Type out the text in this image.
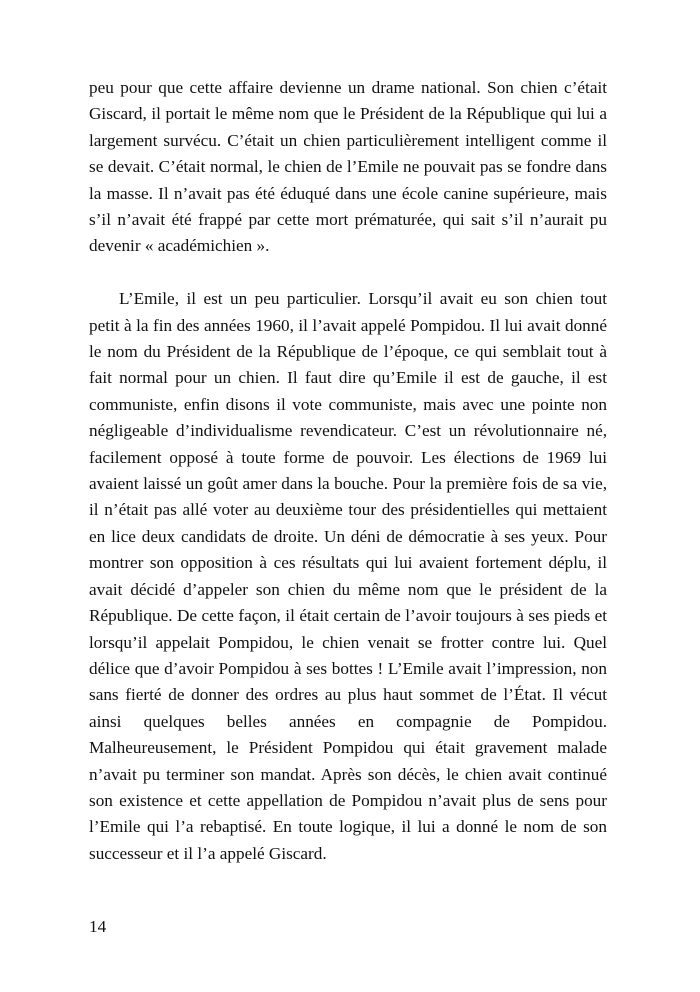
peu pour que cette affaire devienne un drame national. Son chien c’était Giscard, il portait le même nom que le Président de la République qui lui a largement survécu. C’était un chien particulièrement intelligent comme il se devait. C’était normal, le chien de l’Emile ne pouvait pas se fondre dans la masse. Il n’avait pas été éduqué dans une école canine supérieure, mais s’il n’avait été frappé par cette mort prématurée, qui sait s’il n’aurait pu devenir « académichien ».

L’Emile, il est un peu particulier. Lorsqu’il avait eu son chien tout petit à la fin des années 1960, il l’avait appelé Pompidou. Il lui avait donné le nom du Président de la République de l’époque, ce qui semblait tout à fait normal pour un chien. Il faut dire qu’Emile il est de gauche, il est communiste, enfin disons il vote communiste, mais avec une pointe non négligeable d’individualisme revendicateur. C’est un révolutionnaire né, facilement opposé à toute forme de pouvoir. Les élections de 1969 lui avaient laissé un goût amer dans la bouche. Pour la première fois de sa vie, il n’était pas allé voter au deuxième tour des présidentielles qui mettaient en lice deux candidats de droite. Un déni de démocratie à ses yeux. Pour montrer son opposition à ces résultats qui lui avaient fortement déplu, il avait décidé d’appeler son chien du même nom que le président de la République. De cette façon, il était certain de l’avoir toujours à ses pieds et lorsqu’il appelait Pompidou, le chien venait se frotter contre lui. Quel délice que d’avoir Pompidou à ses bottes ! L’Emile avait l’impression, non sans fierté de donner des ordres au plus haut sommet de l’État. Il vécut ainsi quelques belles années en compagnie de Pompidou. Malheureusement, le Président Pompidou qui était gravement malade n’avait pu terminer son mandat. Après son décès, le chien avait continué son existence et cette appellation de Pompidou n’avait plus de sens pour l’Emile qui l’a rebaptisé. En toute logique, il lui a donné le nom de son successeur et il l’a appelé Giscard.

14
